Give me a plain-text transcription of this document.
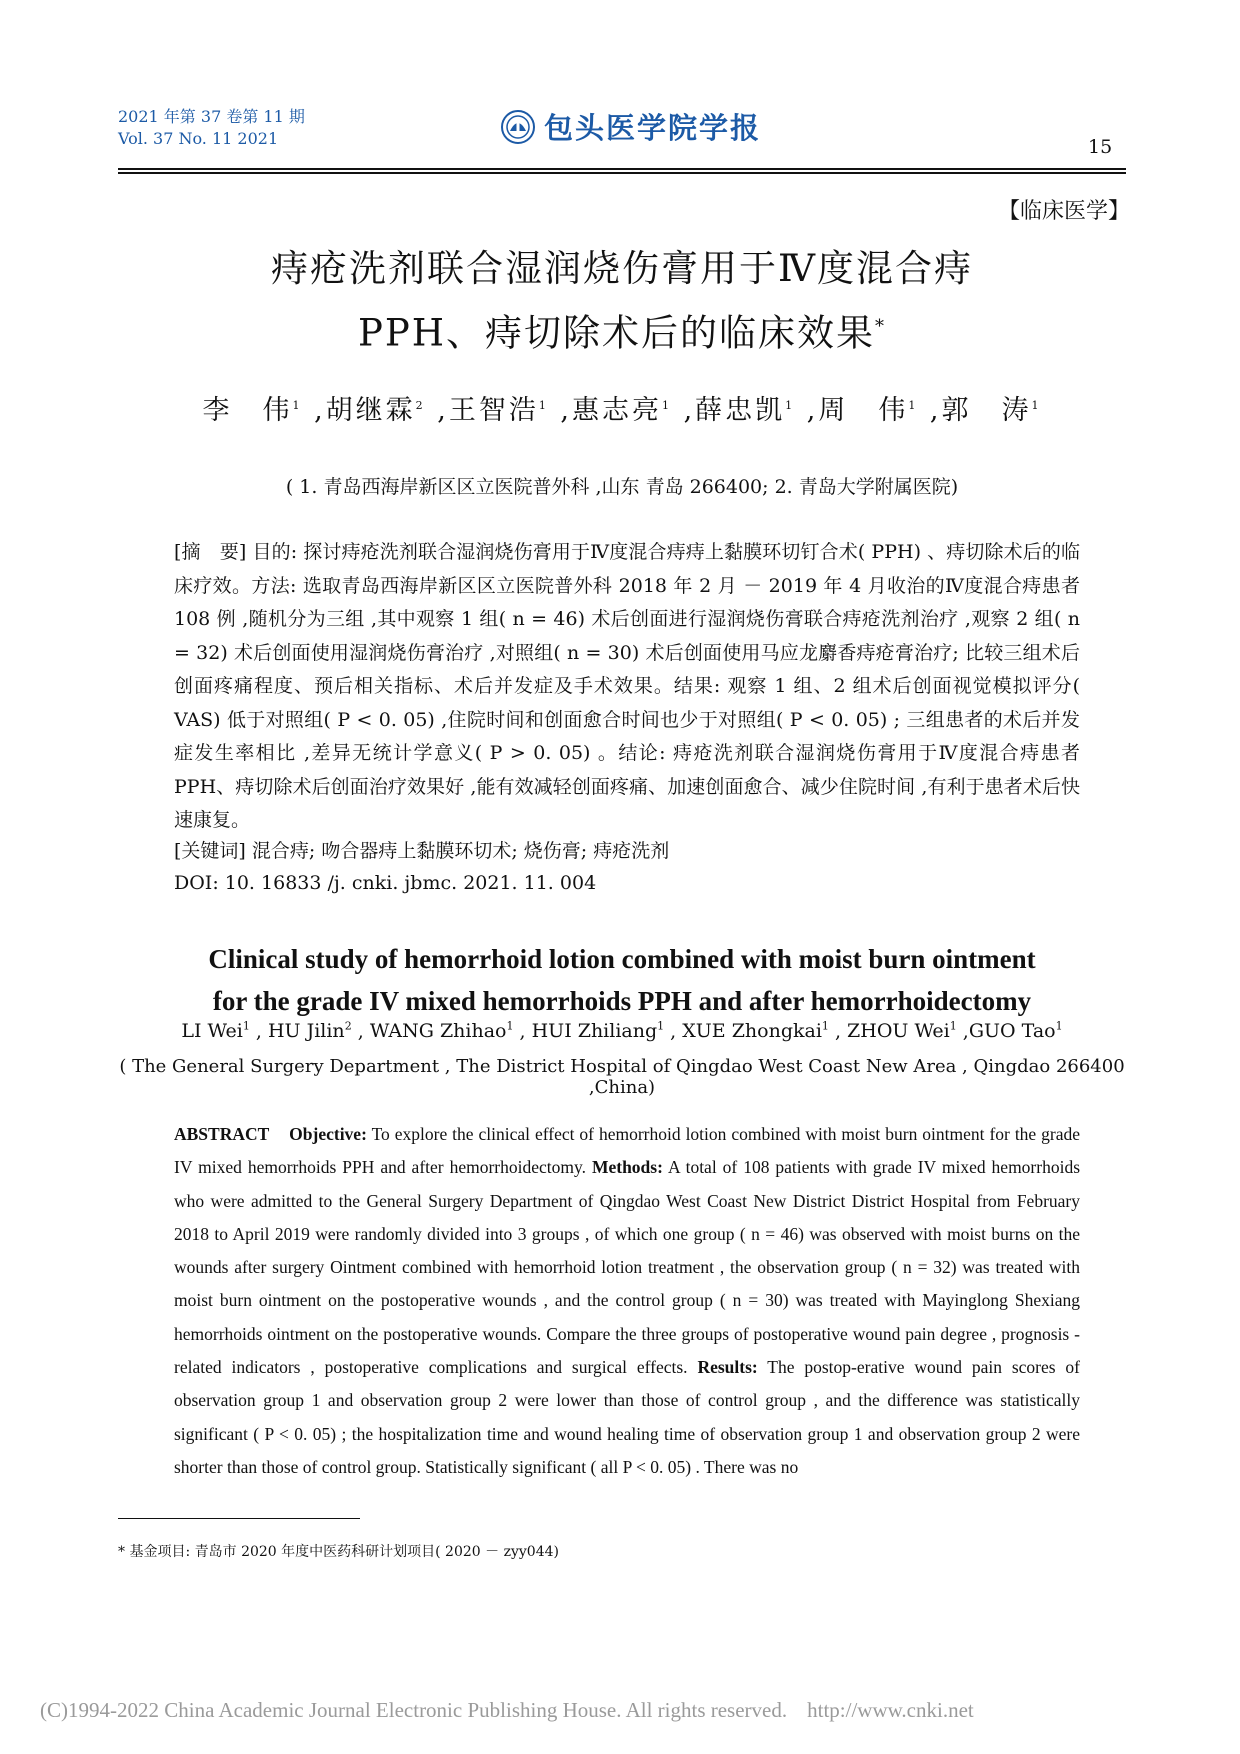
2021 年第 37 卷第 11 期
Vol. 37 No. 11 2021	包头医学院学报
15
【临床医学】
痔疮洗剂联合湿润烧伤膏用于Ⅳ度混合痔
PPH、痔切除术后的临床效果*
李　伟$^1$ ,胡继霖$^2$ ,王智浩$^1$ ,惠志亮$^1$ ,薛忠凯$^1$ ,周　伟$^1$ ,郭　涛$^1$
( 1. 青岛西海岸新区区立医院普外科 ,山东 青岛 266400; 2. 青岛大学附属医院)
[摘　要] 目的: 探讨痔疮洗剂联合湿润烧伤膏用于Ⅳ度混合痔痔上黏膜环切钉合术( PPH) 、痔切除术后的临床疗效。方法: 选取青岛西海岸新区区立医院普外科 2018 年 2 月 － 2019 年 4 月收治的Ⅳ度混合痔患者 108 例 ,随机分为三组 ,其中观察 1 组( n = 46) 术后创面进行湿润烧伤膏联合痔疮洗剂治疗 ,观察 2 组( n = 32) 术后创面使用湿润烧伤膏治疗 ,对照组( n = 30) 术后创面使用马应龙麝香痔疮膏治疗; 比较三组术后创面疼痛程度、预后相关指标、术后并发症及手术效果。结果: 观察 1 组、2 组术后创面视觉模拟评分( VAS) 低于对照组( P < 0. 05) ,住院时间和创面愈合时间也少于对照组( P < 0. 05) ; 三组患者的术后并发症发生率相比 ,差异无统计学意义( P > 0. 05) 。结论: 痔疮洗剂联合湿润烧伤膏用于Ⅳ度混合痔患者 PPH、痔切除术后创面治疗效果好 ,能有效减轻创面疼痛、加速创面愈合、减少住院时间 ,有利于患者术后快速康复。
[关键词] 混合痔; 吻合器痔上黏膜环切术; 烧伤膏; 痔疮洗剂
DOI: 10. 16833 /j. cnki. jbmc. 2021. 11. 004
Clinical study of hemorrhoid lotion combined with moist burn ointment
for the grade IV mixed hemorrhoids PPH and after hemorrhoidectomy
LI Wei$^1$ , HU Jilin$^2$ , WANG Zhihao$^1$ , HUI Zhiliang$^1$ , XUE Zhongkai$^1$ , ZHOU Wei$^1$ ,GUO Tao$^1$
( The General Surgery Department , The District Hospital of Qingdao West Coast New Area , Qingdao 266400 ,China)
ABSTRACT Objective: To explore the clinical effect of hemorrhoid lotion combined with moist burn ointment for the grade IV mixed hemorrhoids PPH and after hemorrhoidectomy. Methods: A total of 108 patients with grade IV mixed hemorrhoids who were admitted to the General Surgery Department of Qingdao West Coast New District District Hospital from February 2018 to April 2019 were randomly divided into 3 groups , of which one group ( n = 46) was observed with moist burns on the wounds after surgery Ointment combined with hemorrhoid lotion treatment , the observation group ( n = 32) was treated with moist burn ointment on the postoperative wounds , and the control group ( n = 30) was treated with Mayinglong Shexiang hemorrhoids ointment on the postoperative wounds. Compare the three groups of postoperative wound pain degree , prognosis - related indicators , postoperative complications and surgical effects. Results: The postop-erative wound pain scores of observation group 1 and observation group 2 were lower than those of control group , and the difference was statistically significant ( P < 0. 05) ; the hospitalization time and wound healing time of observation group 1 and observation group 2 were shorter than those of control group. Statistically significant ( all P < 0. 05) . There was no
* 基金项目: 青岛市 2020 年度中医药科研计划项目( 2020 － zyy044)
(C)1994-2022 China Academic Journal Electronic Publishing House. All rights reserved. http://www.cnki.net
